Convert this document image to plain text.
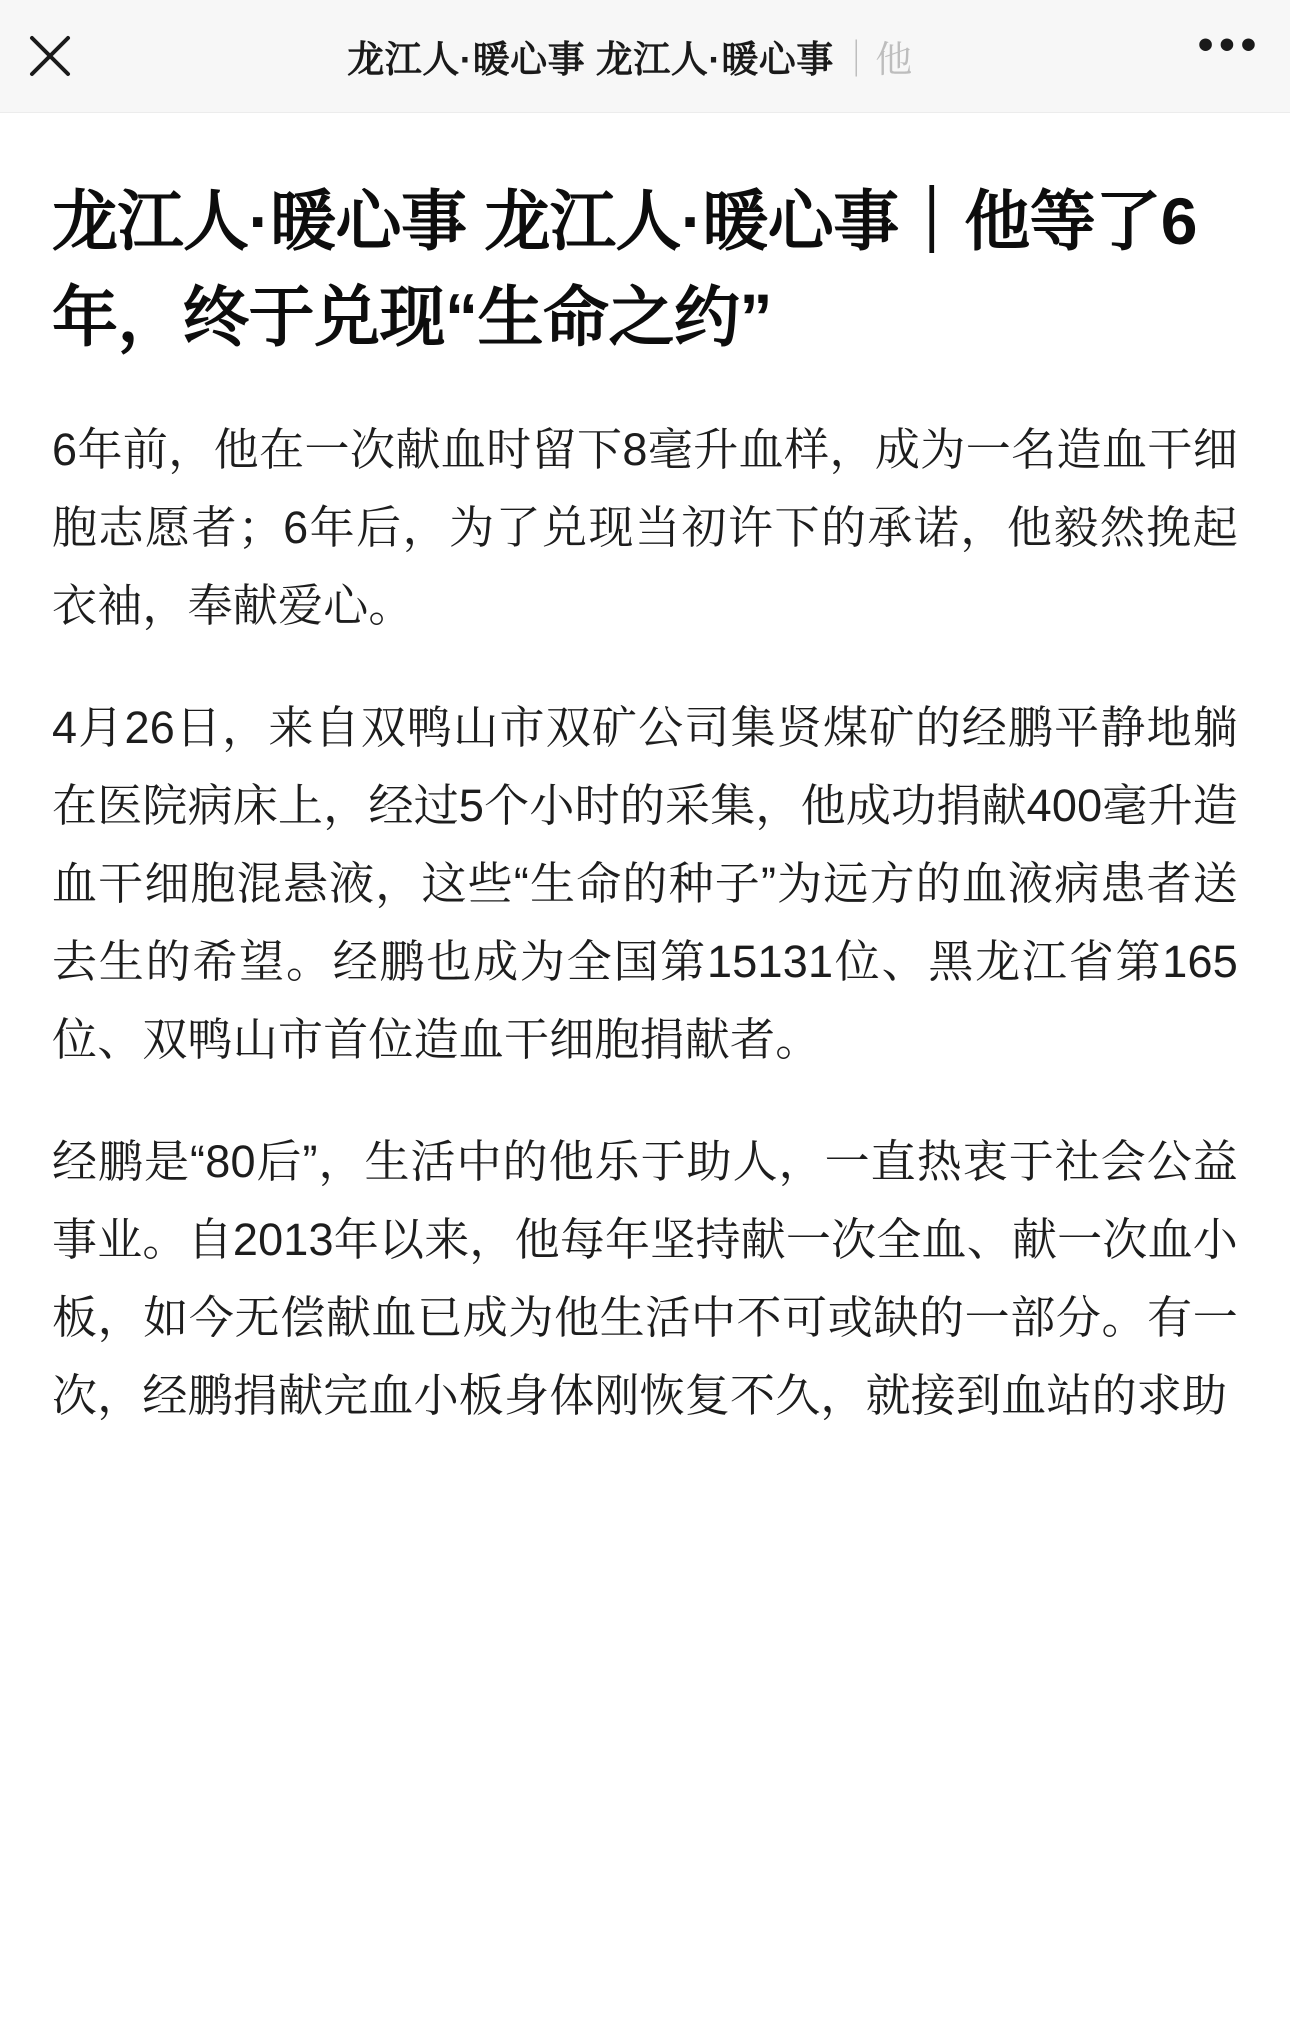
龙江人·暖心事 龙江人·暖心事 ｜他	•••
龙江人·暖心事 龙江人·暖心事｜他等了6年，终于兑现“生命之约”

6年前，他在一次献血时留下8毫升血样，成为一名造血干细胞志愿者；6年后，为了兑现当初许下的承诺，他毅然挽起衣袖，奉献爱心。

4月26日，来自双鸭山市双矿公司集贤煤矿的经鹏平静地躺在医院病床上，经过5个小时的采集，他成功捐献400毫升造血干细胞混悬液，这些“生命的种子”为远方的血液病患者送去生的希望。经鹏也成为全国第15131位、黑龙江省第165位、双鸭山市首位造血干细胞捐献者。

经鹏是“80后”，生活中的他乐于助人，一直热衷于社会公益事业。自2013年以来，他每年坚持献一次全血、献一次血小板，如今无偿献血已成为他生活中不可或缺的一部分。有一次，经鹏捐献完血小板身体刚恢复不久，就接到血站的求助
